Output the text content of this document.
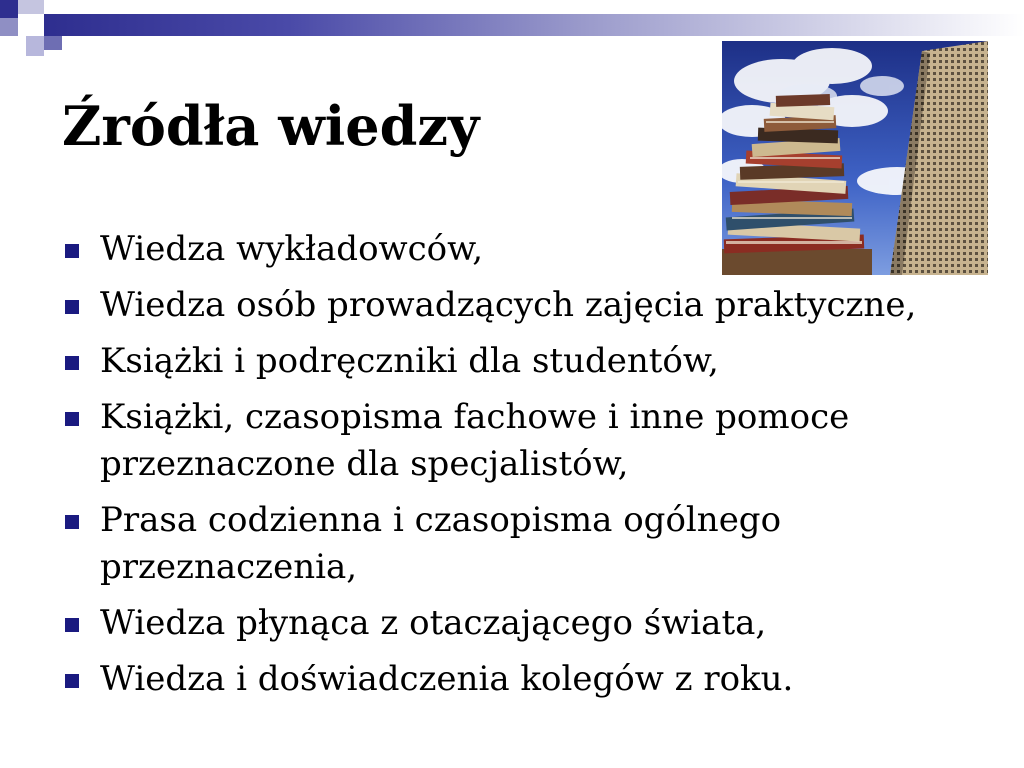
Źródła wiedzy
Wiedza wykładowców,
Wiedza osób prowadzących zajęcia praktyczne,
Książki i podręczniki dla studentów,
Książki, czasopisma fachowe i inne pomoce przeznaczone dla specjalistów,
Prasa codzienna i czasopisma ogólnego przeznaczenia,
Wiedza płynąca z otaczającego świata,
Wiedza i doświadczenia kolegów z roku.
